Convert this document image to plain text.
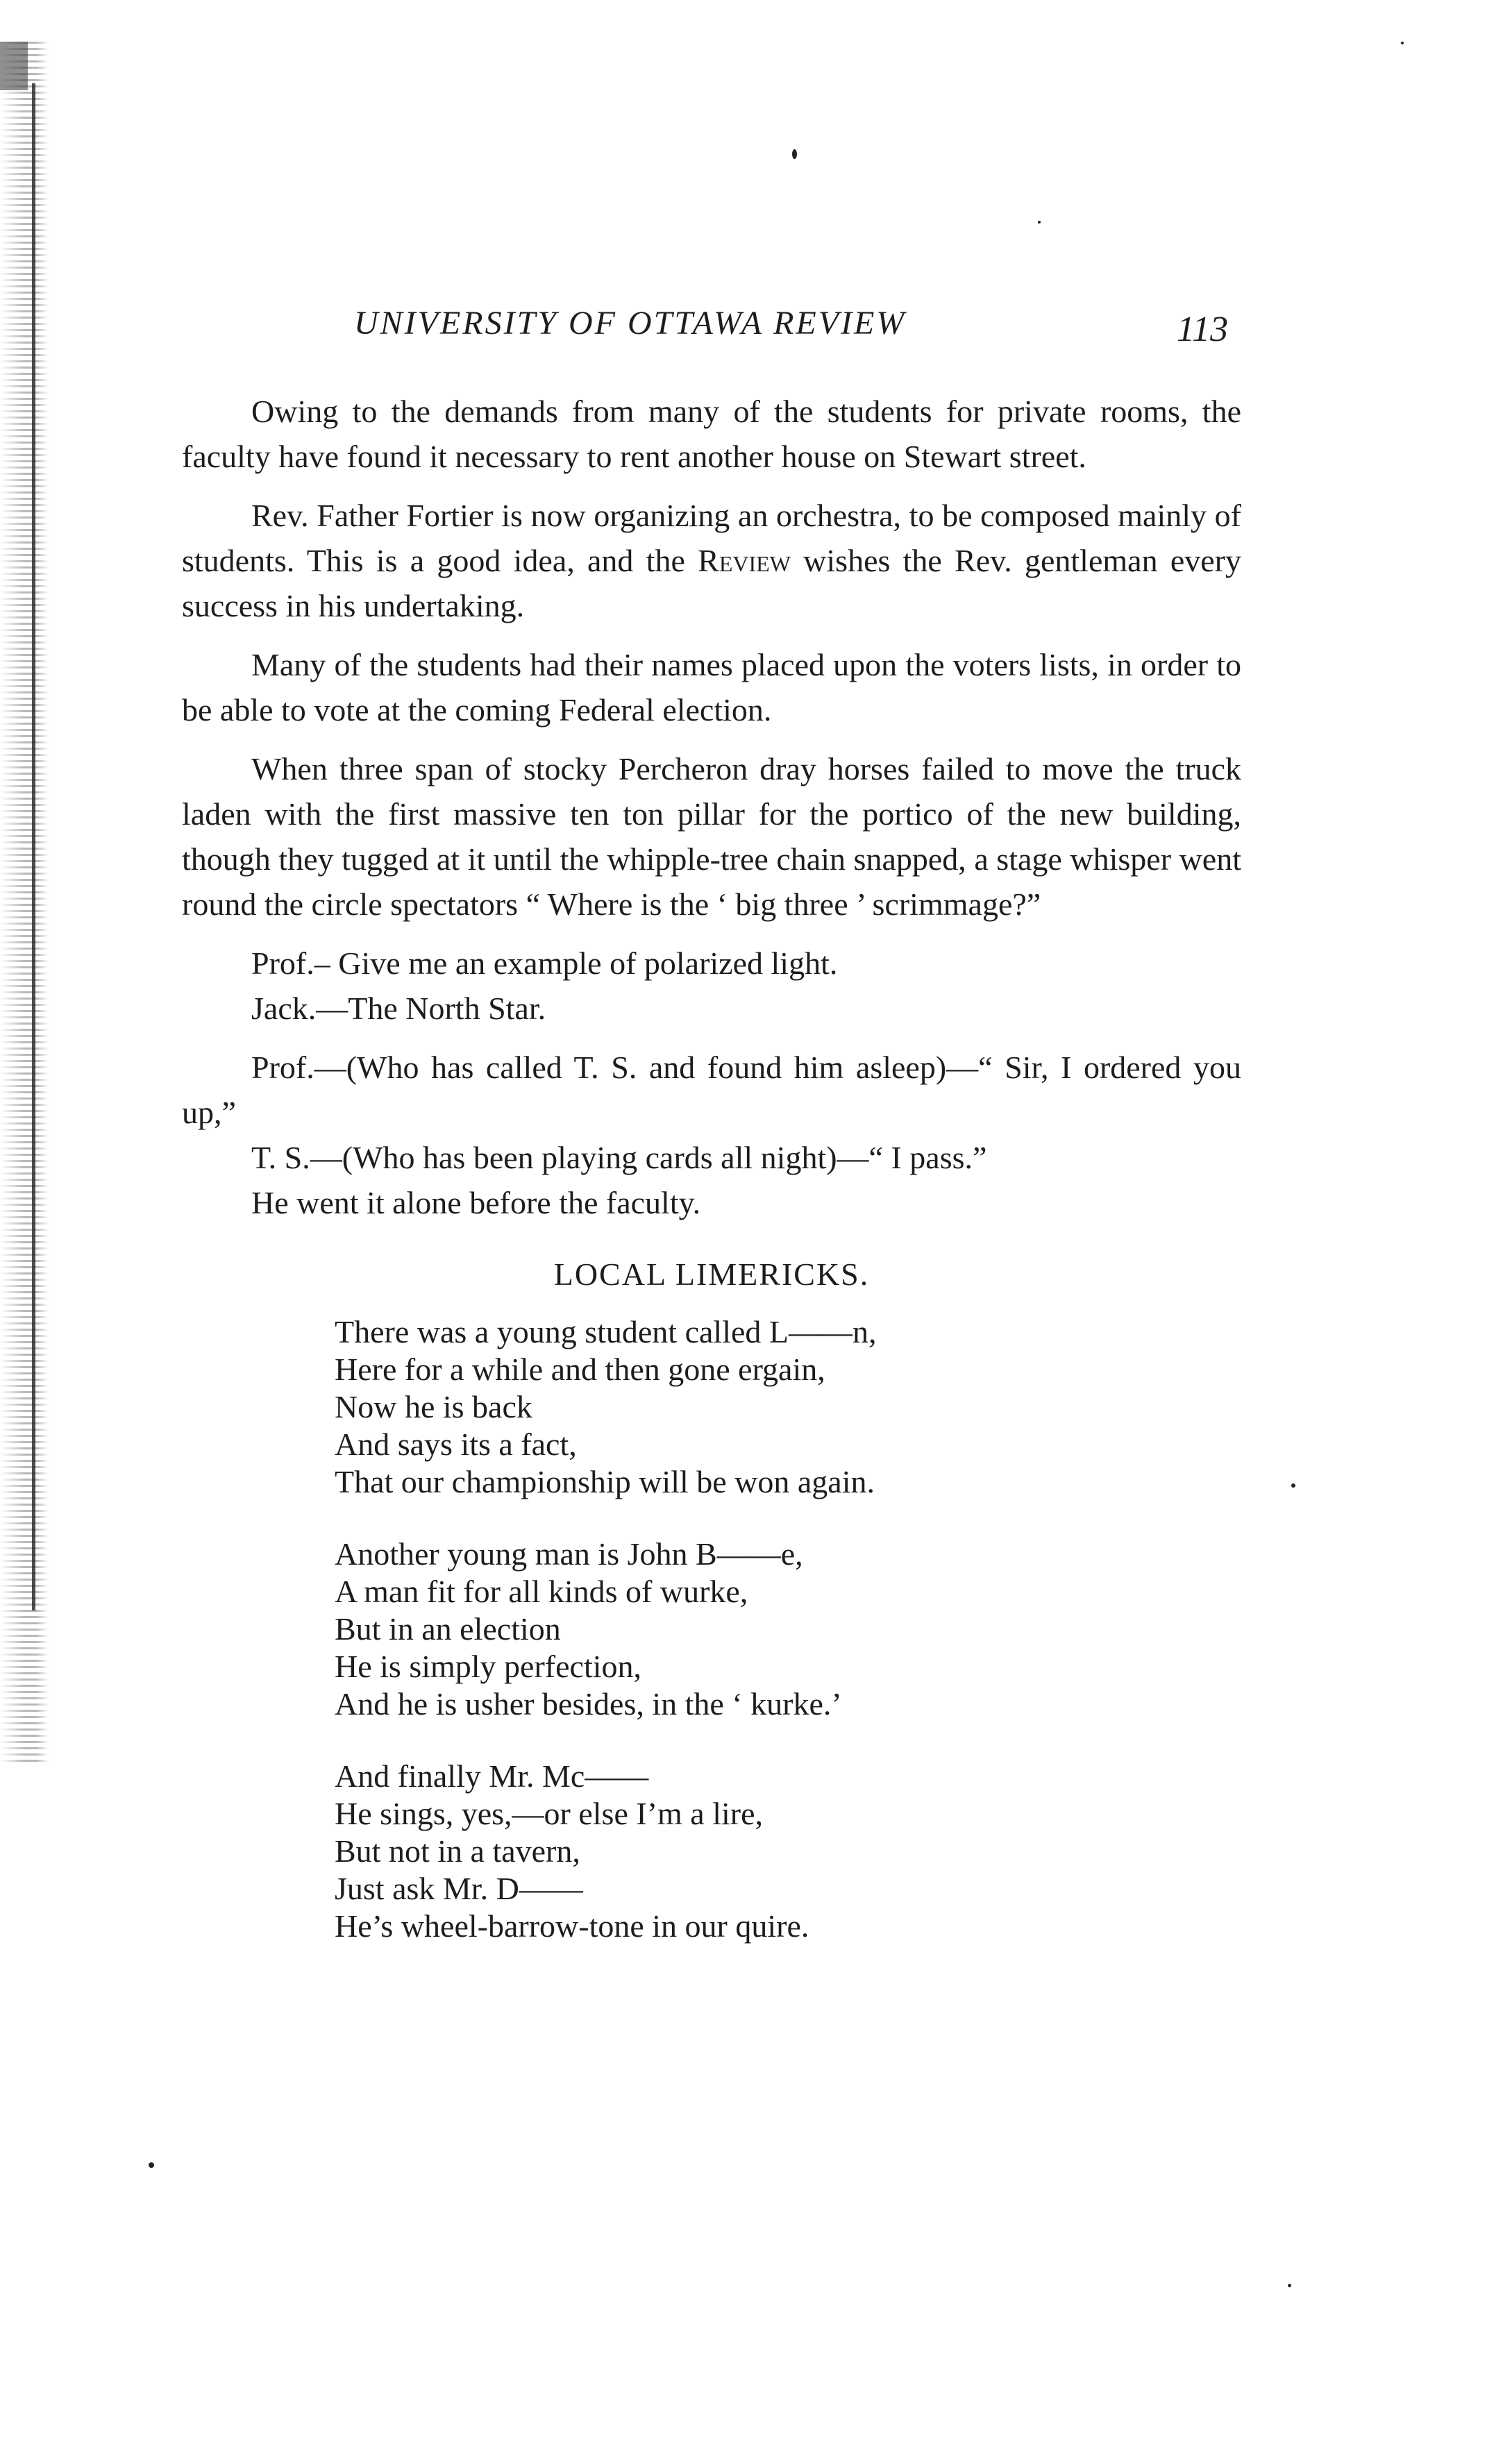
UNIVERSITY OF OTTAWA REVIEW	113

Owing to the demands from many of the students for private rooms, the faculty have found it necessary to rent another house on Stewart street.

Rev. Father Fortier is now organizing an orchestra, to be composed mainly of students. This is a good idea, and the Review wishes the Rev. gentleman every success in his undertaking.

Many of the students had their names placed upon the voters lists, in order to be able to vote at the coming Federal election.

When three span of stocky Percheron dray horses failed to move the truck laden with the first massive ten ton pillar for the portico of the new building, though they tugged at it until the whipple-tree chain snapped, a stage whisper went round the circle spectators “ Where is the ‘ big three ’ scrimmage?”

Prof.– Give me an example of polarized light.

Jack.—The North Star.

Prof.—(Who has called T. S. and found him asleep)—“ Sir, I ordered you up,”

T. S.—(Who has been playing cards all night)—“ I pass.”

He went it alone before the faculty.

LOCAL LIMERICKS.
There was a young student called L——n,
Here for a while and then gone ergain,
Now he is back
And says its a fact,
That our championship will be won again.
Another young man is John B——e,
A man fit for all kinds of wurke,
But in an election
He is simply perfection,
And he is usher besides, in the ‘ kurke.’
And finally Mr. Mc——
He sings, yes,—or else I’m a lire,
But not in a tavern,
Just ask Mr. D——
He’s wheel-barrow-tone in our quire.
